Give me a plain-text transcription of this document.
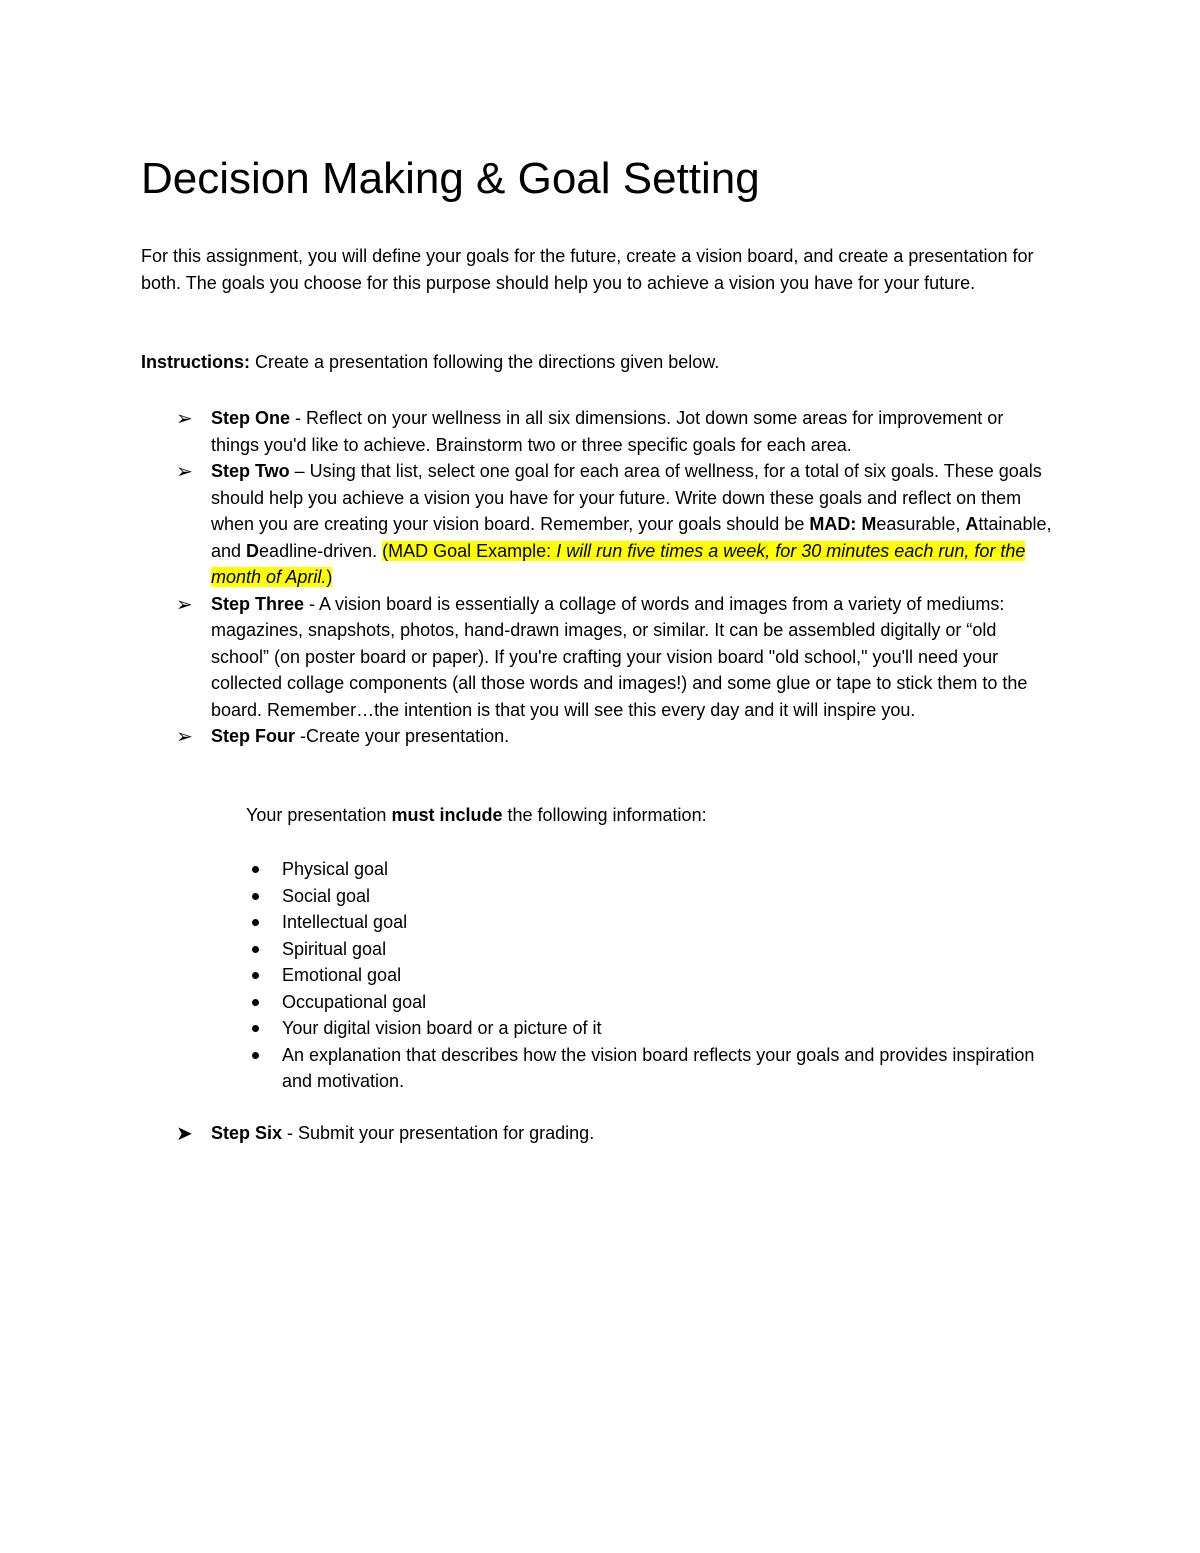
Decision Making & Goal Setting

For this assignment, you will define your goals for the future, create a vision board, and create a presentation for both. The goals you choose for this purpose should help you to achieve a vision you have for your future.

Instructions: Create a presentation following the directions given below.

➢ Step One - Reflect on your wellness in all six dimensions. Jot down some areas for improvement or things you'd like to achieve. Brainstorm two or three specific goals for each area.
➢ Step Two – Using that list, select one goal for each area of wellness, for a total of six goals. These goals should help you achieve a vision you have for your future. Write down these goals and reflect on them when you are creating your vision board. Remember, your goals should be MAD: Measurable, Attainable, and Deadline-driven. (MAD Goal Example: I will run five times a week, for 30 minutes each run, for the month of April.)
➢ Step Three - A vision board is essentially a collage of words and images from a variety of mediums: magazines, snapshots, photos, hand-drawn images, or similar. It can be assembled digitally or “old school” (on poster board or paper). If you're crafting your vision board "old school," you'll need your collected collage components (all those words and images!) and some glue or tape to stick them to the board. Remember…the intention is that you will see this every day and it will inspire you.
➢ Step Four -Create your presentation.

Your presentation must include the following information:

Physical goal
Social goal
Intellectual goal
Spiritual goal
Emotional goal
Occupational goal
Your digital vision board or a picture of it
An explanation that describes how the vision board reflects your goals and provides inspiration and motivation.

➤ Step Six - Submit your presentation for grading.
